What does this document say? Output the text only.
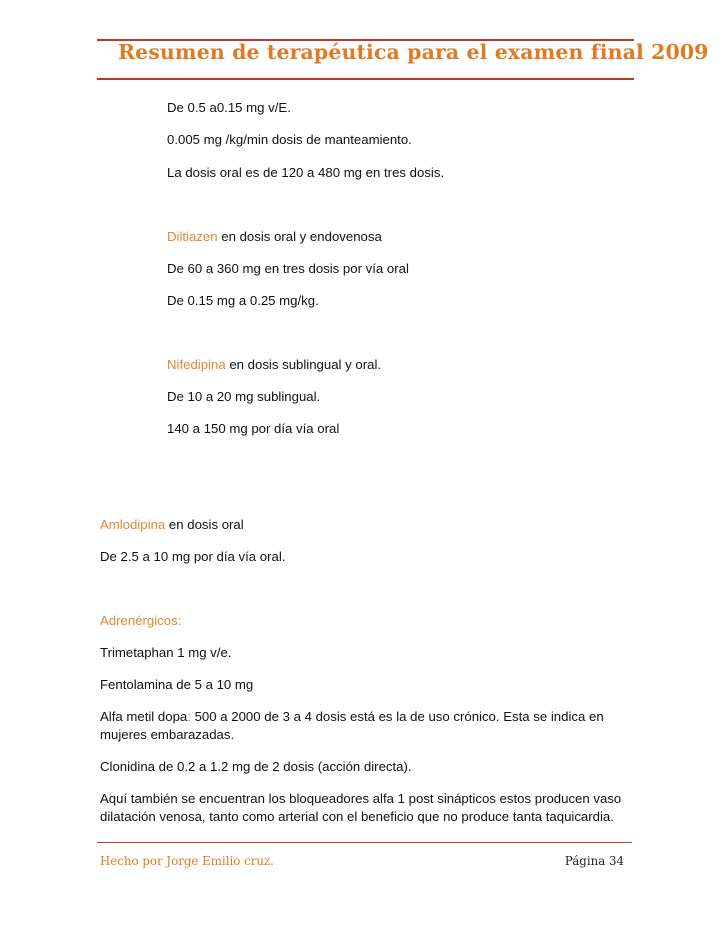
Resumen de terapéutica para el examen final 2009
De 0.5 a0.15 mg v/E.
0.005 mg /kg/min dosis de manteamiento.
La dosis oral es de 120 a 480 mg en tres dosis.
Diltiazen en dosis oral y endovenosa
De 60 a 360 mg en tres dosis por vía oral
De 0.15 mg a 0.25 mg/kg.
Nifedipina en dosis sublingual y oral.
De 10 a 20 mg sublingual.
140 a 150 mg por día vía oral
Amlodipina en dosis oral
De 2.5 a 10 mg por día vía oral.
Adrenérgicos:
Trimetaphan 1 mg v/e.
Fentolamina de 5 a 10 mg
Alfa metil dopa: 500 a 2000 de 3 a 4 dosis está es la de uso crónico. Esta se indica en
mujeres embarazadas.
Clonidina de 0.2 a 1.2 mg de 2 dosis (acción directa).
Aquí también se encuentran los bloqueadores alfa 1 post sinápticos estos producen vaso
dilatación venosa, tanto como arterial con el beneficio que no produce tanta taquicardia.
Hecho por Jorge Emilio cruz.	Página 34
